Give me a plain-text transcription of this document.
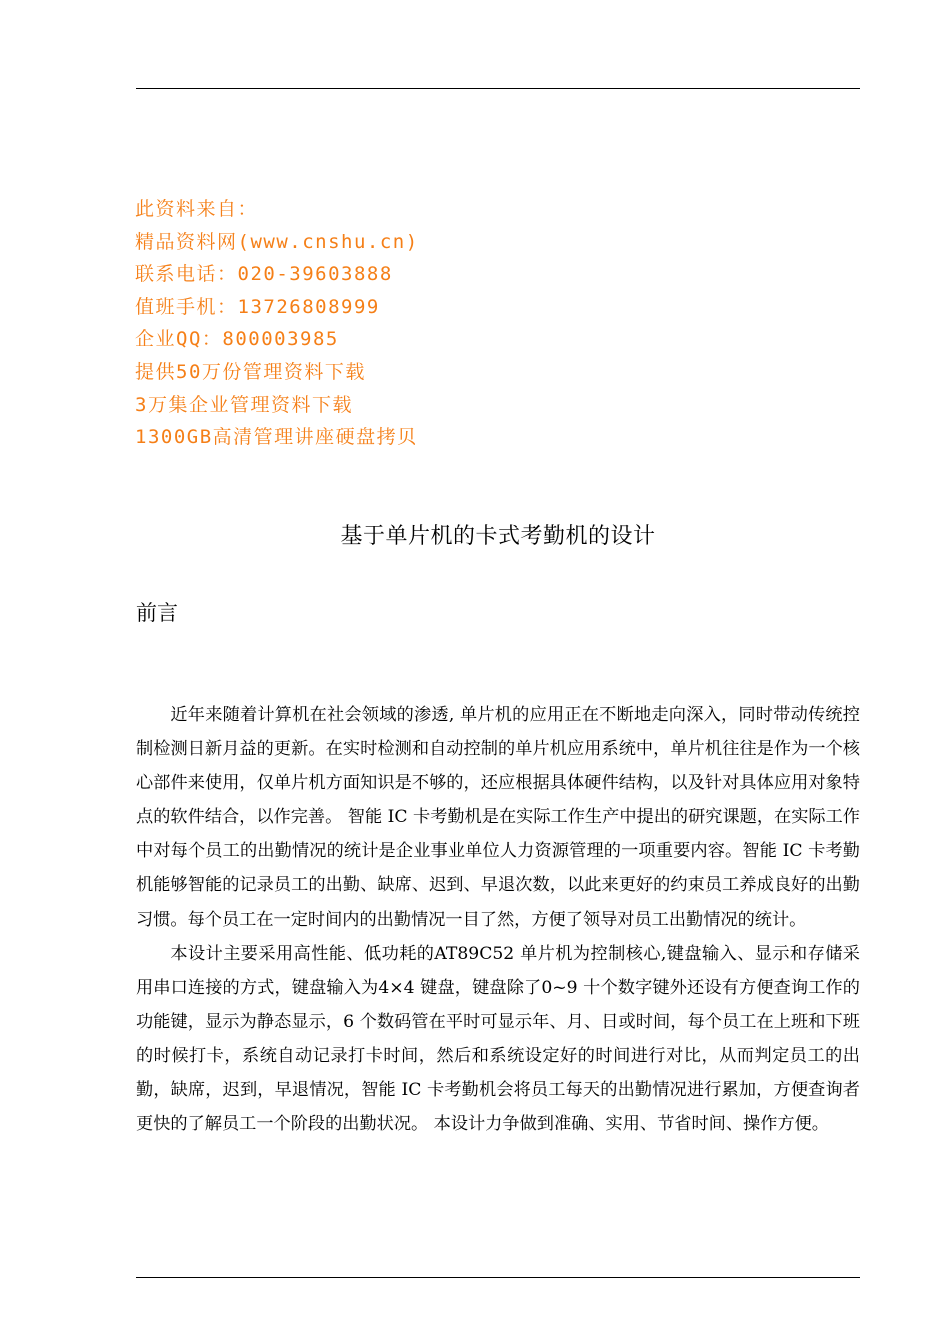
此资料来自：
精品资料网(www.cnshu.cn)
联系电话：020-39603888
值班手机：13726808999
企业QQ：800003985
提供50万份管理资料下载
3万集企业管理资料下载
1300GB高清管理讲座硬盘拷贝
基于单片机的卡式考勤机的设计
前言

近年来随着计算机在社会领域的渗透, 单片机的应用正在不断地走向深入，同时带动传统控制检测日新月益的更新。在实时检测和自动控制的单片机应用系统中，单片机往往是作为一个核心部件来使用，仅单片机方面知识是不够的，还应根据具体硬件结构，以及针对具体应用对象特点的软件结合，以作完善。 智能 IC 卡考勤机是在实际工作生产中提出的研究课题，在实际工作中对每个员工的出勤情况的统计是企业事业单位人力资源管理的一项重要内容。智能 IC 卡考勤机能够智能的记录员工的出勤、缺席、迟到、早退次数，以此来更好的约束员工养成良好的出勤习惯。每个员工在一定时间内的出勤情况一目了然，方便了领导对员工出勤情况的统计。

本设计主要采用高性能、低功耗的AT89C52 单片机为控制核心,键盘输入、显示和存储采用串口连接的方式，键盘输入为4×4 键盘，键盘除了0~9 十个数字键外还设有方便查询工作的功能键，显示为静态显示，6 个数码管在平时可显示年、月、日或时间，每个员工在上班和下班的时候打卡，系统自动记录打卡时间，然后和系统设定好的时间进行对比，从而判定员工的出勤，缺席，迟到，早退情况，智能 IC 卡考勤机会将员工每天的出勤情况进行累加，方便查询者更快的了解员工一个阶段的出勤状况。 本设计力争做到准确、实用、节省时间、操作方便。
